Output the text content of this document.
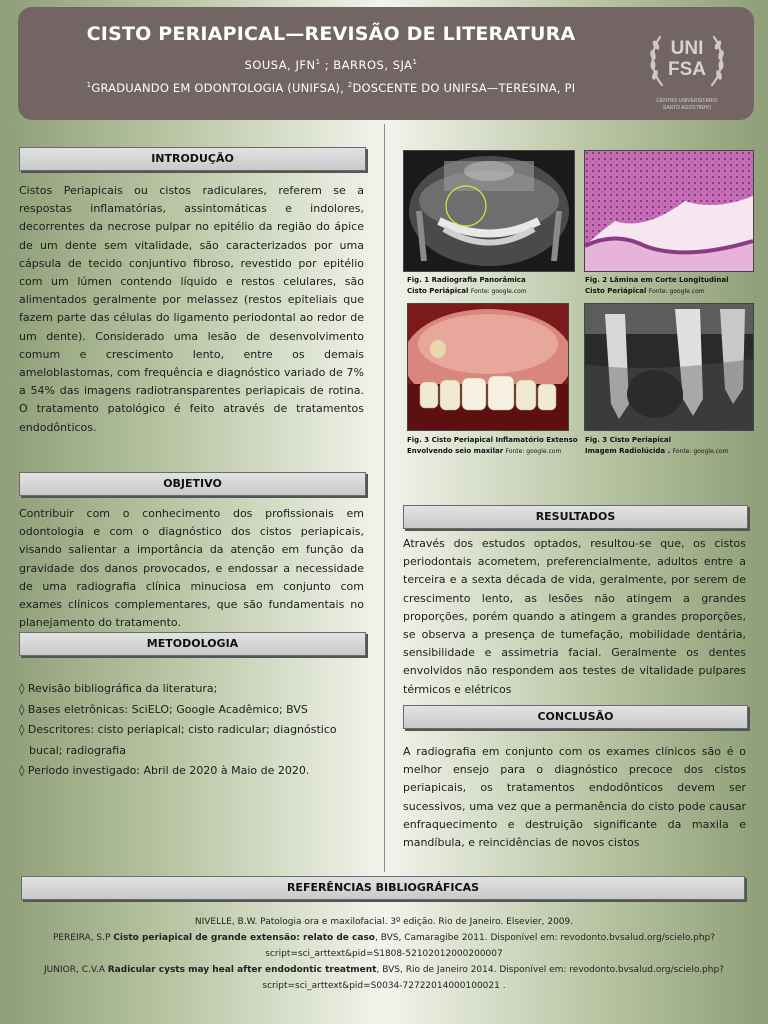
CISTO PERIAPICAL—REVISÃO DE LITERATURA
SOUSA, JFN$^1$ ; BARROS, SJA$^1$
$^1$GRADUANDO EM ODONTOLOGIA (UNIFSA), $^2$DOSCENTE DO UNIFSA—TERESINA, PI
UNI
FSA
CENTRO UNIVERSITÁRIO
SANTO AGOSTINHO
INTRODUÇÃO
Cistos Periapicais ou cistos radiculares, referem se a respostas inflamatórias, assintomáticas e indolores, decorrentes da necrose pulpar no epitélio da região do ápice de um dente sem vitalidade, são caracterizados por uma cápsula de tecido conjuntivo fibroso, revestido por epitélio com um lúmen contendo líquido e restos celulares, são alimentados geralmente por melassez (restos epiteliais que fazem parte das células do ligamento periodontal ao redor de um dente). Considerado uma lesão de desenvolvimento comum e crescimento lento, entre os demais ameloblastomas, com frequência e diagnóstico variado de 7% a 54% das imagens radiotransparentes periapicais de rotina. O tratamento patológico é feito através de tratamentos endodônticos.
OBJETIVO
Contribuir com o conhecimento dos profissionais em odontologia e com o diagnóstico dos cistos periapicais, visando salientar a importância da atenção em função da gravidade dos danos provocados, e endossar a necessidade de uma radiografia clínica minuciosa em conjunto com exames clínicos complementares, que são fundamentais no planejamento do tratamento.
METODOLOGIA
◊ Revisão bibliográfica da literatura;
◊ Bases eletrônicas: SciELO; Google Acadêmico; BVS
◊ Descritores: cisto periapical; cisto radicular; diagnóstico bucal; radiografia
◊ Período investigado: Abril de 2020 à Maio de 2020.
Fig. 1 Radiografia Panorâmica
Cisto Periápical Fonte: google.com
Fig. 2 Lâmina em Corte Longitudinal
Cisto Periápical Fonte: google.com
Fig. 3 Cisto Periapical Inflamatório Extenso
Envolvendo seio maxilar Fonte: google.com
Fig. 3 Cisto Periapical
Imagem Radiolúcida . Fonte: google.com
RESULTADOS
Através dos estudos optados, resultou-se que, os cistos periodontais acometem, preferencialmente, adultos entre a terceira e a sexta década de vida, geralmente, por serem de crescimento lento, as lesões não atingem a grandes proporções, porém quando a atingem a grandes proporções, se observa a presença de tumefação, mobilidade dentária, sensibilidade e assimetria facial. Geralmente os dentes envolvidos não respondem aos testes de vitalidade pulpares térmicos e elétricos
CONCLUSÃO
A radiografia em conjunto com os exames clínicos são é o melhor ensejo para o diagnóstico precoce dos cistos periapicais, os tratamentos endodônticos devem ser sucessivos, uma vez que a permanência do cisto pode causar enfraquecimento e destruição significante da maxila e mandíbula, e reincidências de novos cistos
REFERÊNCIAS BIBLIOGRÁFICAS
NIVELLE, B.W. Patologia ora e maxilofacial. 3º edição. Rio de Janeiro. Elsevier, 2009.
PEREIRA, S.P Cisto periapical de grande extensão: relato de caso, BVS, Camaragibe 2011. Disponível em: revodonto.bvsalud.org/scielo.php?
script=sci_arttext&pid=S1808-52102012000200007
JUNIOR, C.V.A Radicular cysts may heal after endodontic treatment, BVS, Rio de Janeiro 2014. Disponível em: revodonto.bvsalud.org/scielo.php?
script=sci_arttext&pid=S0034-72722014000100021 .
